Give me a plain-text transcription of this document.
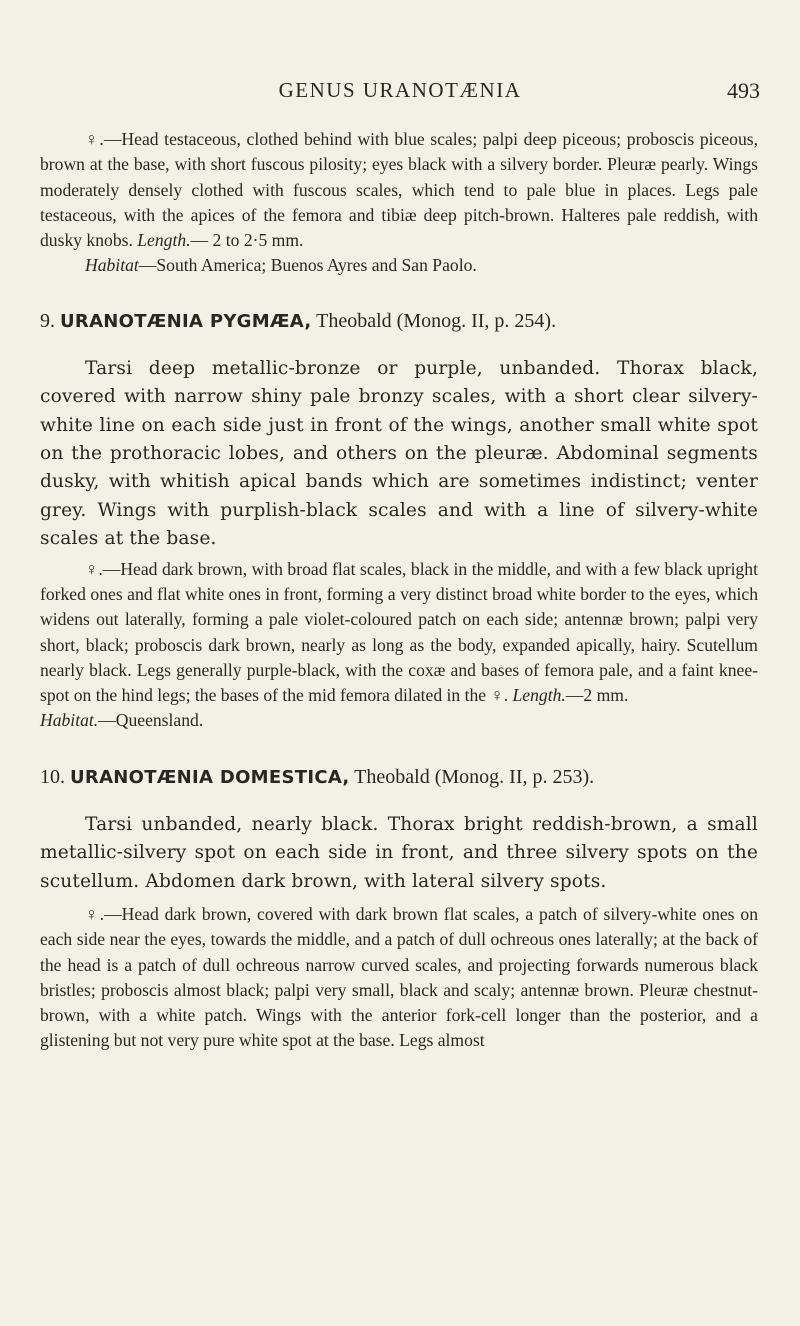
GENUS URANOTÆNIA	493

♀.—Head testaceous, clothed behind with blue scales; palpi deep piceous; proboscis piceous, brown at the base, with short fuscous pilosity; eyes black with a silvery border. Pleuræ pearly. Wings moderately densely clothed with fuscous scales, which tend to pale blue in places. Legs pale testaceous, with the apices of the femora and tibiæ deep pitch-brown. Halteres pale reddish, with dusky knobs. Length.— 2 to 2·5 mm.

Habitat—South America; Buenos Ayres and San Paolo.

9. URANOTÆNIA PYGMÆA, Theobald (Monog. II, p. 254).

Tarsi deep metallic-bronze or purple, unbanded. Thorax black, covered with narrow shiny pale bronzy scales, with a short clear silvery-white line on each side just in front of the wings, another small white spot on the prothoracic lobes, and others on the pleuræ. Abdominal segments dusky, with whitish apical bands which are sometimes indistinct; venter grey. Wings with purplish-black scales and with a line of silvery-white scales at the base.

♀.—Head dark brown, with broad flat scales, black in the middle, and with a few black upright forked ones and flat white ones in front, forming a very distinct broad white border to the eyes, which widens out laterally, forming a pale violet-coloured patch on each side; antennæ brown; palpi very short, black; proboscis dark brown, nearly as long as the body, expanded apically, hairy. Scutellum nearly black. Legs generally purple-black, with the coxæ and bases of femora pale, and a faint knee-spot on the hind legs; the bases of the mid femora dilated in the ♀. Length.—2 mm.

Habitat.—Queensland.

10. URANOTÆNIA DOMESTICA, Theobald (Monog. II, p. 253).

Tarsi unbanded, nearly black. Thorax bright reddish-brown, a small metallic-silvery spot on each side in front, and three silvery spots on the scutellum. Abdomen dark brown, with lateral silvery spots.

♀.—Head dark brown, covered with dark brown flat scales, a patch of silvery-white ones on each side near the eyes, towards the middle, and a patch of dull ochreous ones laterally; at the back of the head is a patch of dull ochreous narrow curved scales, and projecting forwards numerous black bristles; proboscis almost black; palpi very small, black and scaly; antennæ brown. Pleuræ chestnut-brown, with a white patch. Wings with the anterior fork-cell longer than the posterior, and a glistening but not very pure white spot at the base. Legs almost
